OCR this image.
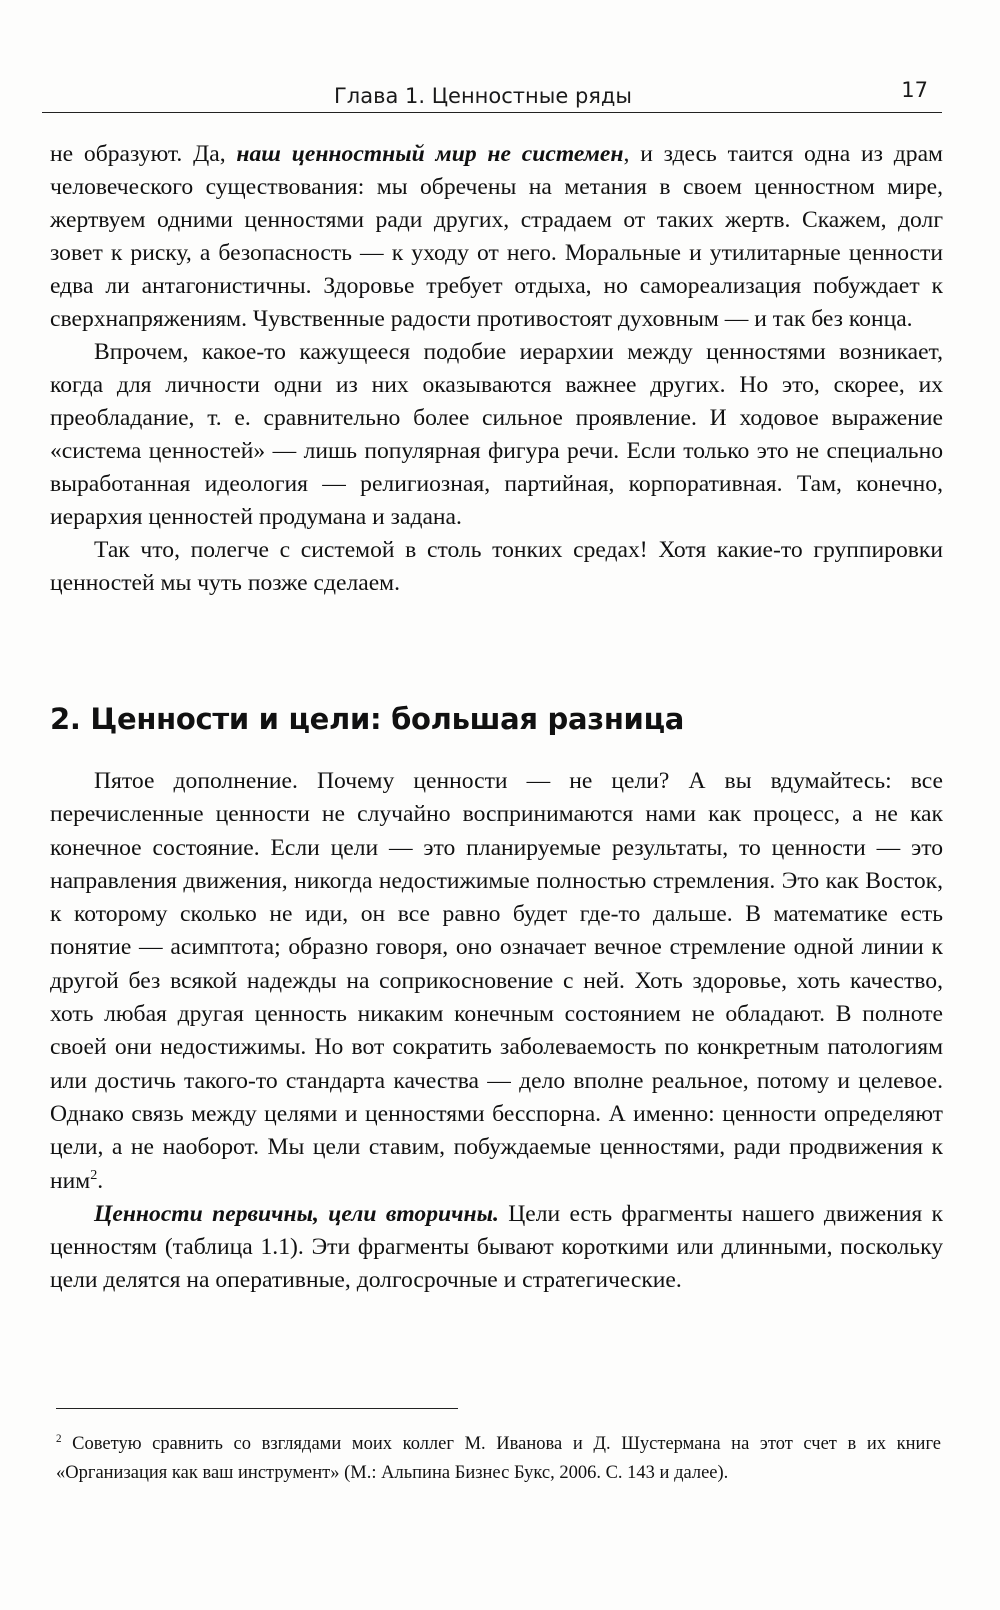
Глава 1. Ценностные ряды	17

не образуют. Да, наш ценностный мир не системен, и здесь таится одна из драм человеческого существования: мы обречены на метания в своем ценностном мире, жертвуем одними ценностями ради других, страдаем от таких жертв. Скажем, долг зовет к риску, а безопасность — к уходу от него. Моральные и утилитарные ценности едва ли антагонистичны. Здоровье требует отдыха, но самореализация побуждает к сверхнапряжениям. Чувственные радости противостоят духовным — и так без конца.

Впрочем, какое-то кажущееся подобие иерархии между ценностями возникает, когда для личности одни из них оказываются важнее других. Но это, скорее, их преобладание, т. е. сравнительно более сильное проявление. И ходовое выражение «система ценностей» — лишь популярная фигура речи. Если только это не специально выработанная идеология — религиозная, партийная, корпоративная. Там, конечно, иерархия ценностей продумана и задана.

Так что, полегче с системой в столь тонких средах! Хотя какие-то группировки ценностей мы чуть позже сделаем.

2. Ценности и цели: большая разница

Пятое дополнение. Почему ценности — не цели? А вы вдумайтесь: все перечисленные ценности не случайно воспринимаются нами как процесс, а не как конечное состояние. Если цели — это планируемые результаты, то ценности — это направления движения, никогда недостижимые полностью стремления. Это как Восток, к которому сколько не иди, он все равно будет где-то дальше. В математике есть понятие — асимптота; образно говоря, оно означает вечное стремление одной линии к другой без всякой надежды на соприкосновение с ней. Хоть здоровье, хоть качество, хоть любая другая ценность никаким конечным состоянием не обладают. В полноте своей они недостижимы. Но вот сократить заболеваемость по конкретным патологиям или достичь такого-то стандарта качества — дело вполне реальное, потому и целевое. Однако связь между целями и ценностями бесспорна. А именно: ценности определяют цели, а не наоборот. Мы цели ставим, побуждаемые ценностями, ради продвижения к ним$^2$.

Ценности первичны, цели вторичны. Цели есть фрагменты нашего движения к ценностям (таблица 1.1). Эти фрагменты бывают короткими или длинными, поскольку цели делятся на оперативные, долгосрочные и стратегические.

$^2$ Советую сравнить со взглядами моих коллег М. Иванова и Д. Шустермана на этот счет в их книге «Организация как ваш инструмент» (М.: Альпина Бизнес Букс, 2006. С. 143 и далее).
